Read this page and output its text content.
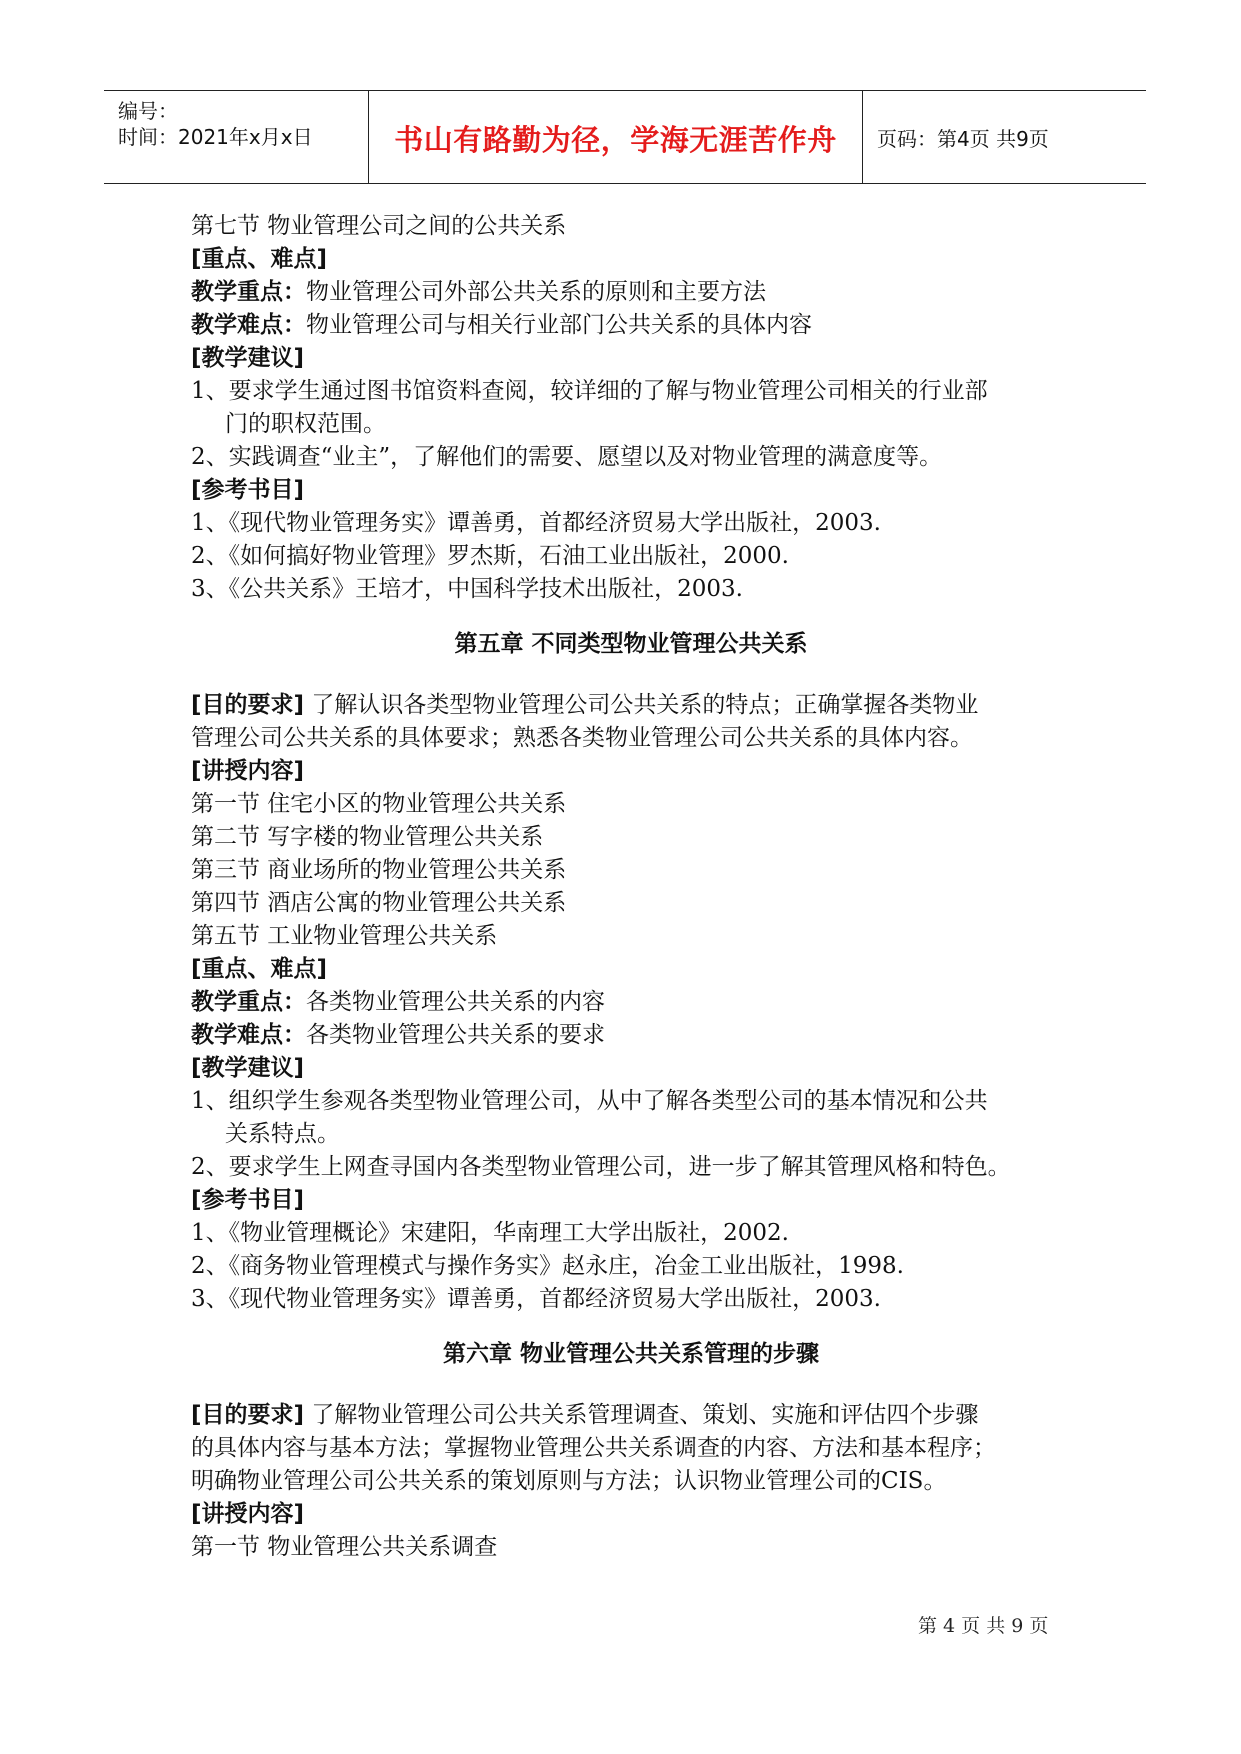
编号：
时间：2021年x月x日	书山有路勤为径，学海无涯苦作舟	页码：第4页 共9页
第七节 物业管理公司之间的公共关系
[重点、难点]
教学重点：物业管理公司外部公共关系的原则和主要方法
教学难点：物业管理公司与相关行业部门公共关系的具体内容
[教学建议]
1、要求学生通过图书馆资料查阅，较详细的了解与物业管理公司相关的行业部
门的职权范围。
2、实践调查“业主”，了解他们的需要、愿望以及对物业管理的满意度等。
[参考书目]
1、《现代物业管理务实》谭善勇，首都经济贸易大学出版社，2003.
2、《如何搞好物业管理》罗杰斯，石油工业出版社，2000.
3、《公共关系》王培才，中国科学技术出版社，2003.
第五章 不同类型物业管理公共关系
[目的要求] 了解认识各类型物业管理公司公共关系的特点；正确掌握各类物业
管理公司公共关系的具体要求；熟悉各类物业管理公司公共关系的具体内容。
[讲授内容]
第一节 住宅小区的物业管理公共关系
第二节 写字楼的物业管理公共关系
第三节 商业场所的物业管理公共关系
第四节 酒店公寓的物业管理公共关系
第五节 工业物业管理公共关系
[重点、难点]
教学重点：各类物业管理公共关系的内容
教学难点：各类物业管理公共关系的要求
[教学建议]
1、组织学生参观各类型物业管理公司，从中了解各类型公司的基本情况和公共
关系特点。
2、要求学生上网查寻国内各类型物业管理公司，进一步了解其管理风格和特色。
[参考书目]
1、《物业管理概论》宋建阳，华南理工大学出版社，2002.
2、《商务物业管理模式与操作务实》赵永庄，冶金工业出版社，1998.
3、《现代物业管理务实》谭善勇，首都经济贸易大学出版社，2003.
第六章 物业管理公共关系管理的步骤
[目的要求] 了解物业管理公司公共关系管理调查、策划、实施和评估四个步骤
的具体内容与基本方法；掌握物业管理公共关系调查的内容、方法和基本程序；
明确物业管理公司公共关系的策划原则与方法；认识物业管理公司的CIS。
[讲授内容]
第一节 物业管理公共关系调查
第 4 页 共 9 页
